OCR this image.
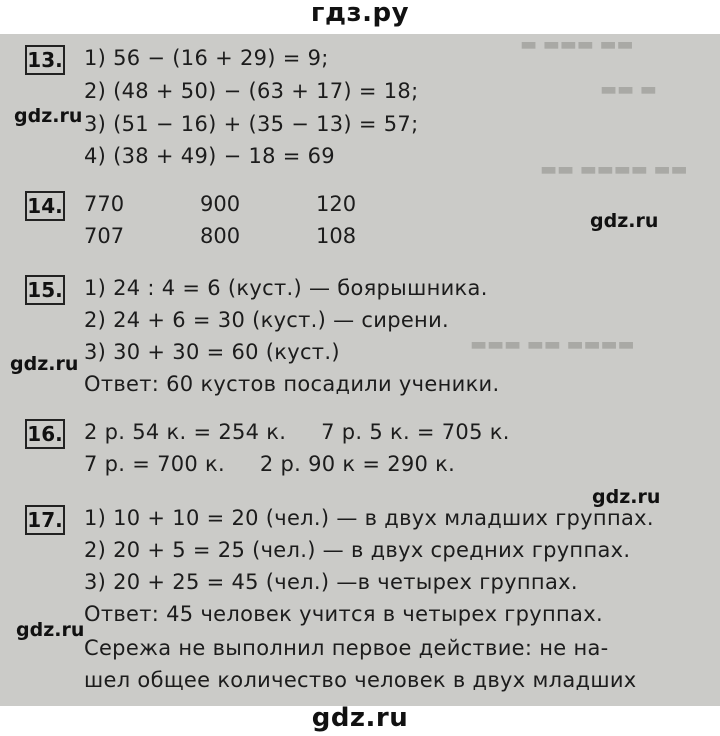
гдз.ру
▬ ▬▬▬ ▬▬
▬▬ ▬
▬▬ ▬▬▬▬ ▬▬
▬▬▬ ▬▬ ▬▬▬▬
13. 1) 56 − (16 + 29) = 9;
2) (48 + 50) − (63 + 17) = 18;
3) (51 − 16) + (35 − 13) = 57;
4) (38 + 49) − 18 = 69
14. 770	900	120
707	800	108
15. 1) 24 : 4 = 6 (куст.) — боярышника.
2) 24 + 6 = 30 (куст.) — сирени.
3) 30 + 30 = 60 (куст.)
Ответ: 60 кустов посадили ученики.
16. 2 р. 54 к. = 254 к.     7 р. 5 к. = 705 к.
7 р. = 700 к.     2 р. 90 к = 290 к.
17. 1) 10 + 10 = 20 (чел.) — в двух младших группах.
2) 20 + 5 = 25 (чел.) — в двух средних группах.
3) 20 + 25 = 45 (чел.) —в четырех группах.
Ответ: 45 человек учится в четырех группах.
Сережа не выполнил первое действие: не на-
шел общее количество человек в двух младших
gdz.ru
gdz.ru
gdz.ru
gdz.ru
gdz.ru
gdz.ru
